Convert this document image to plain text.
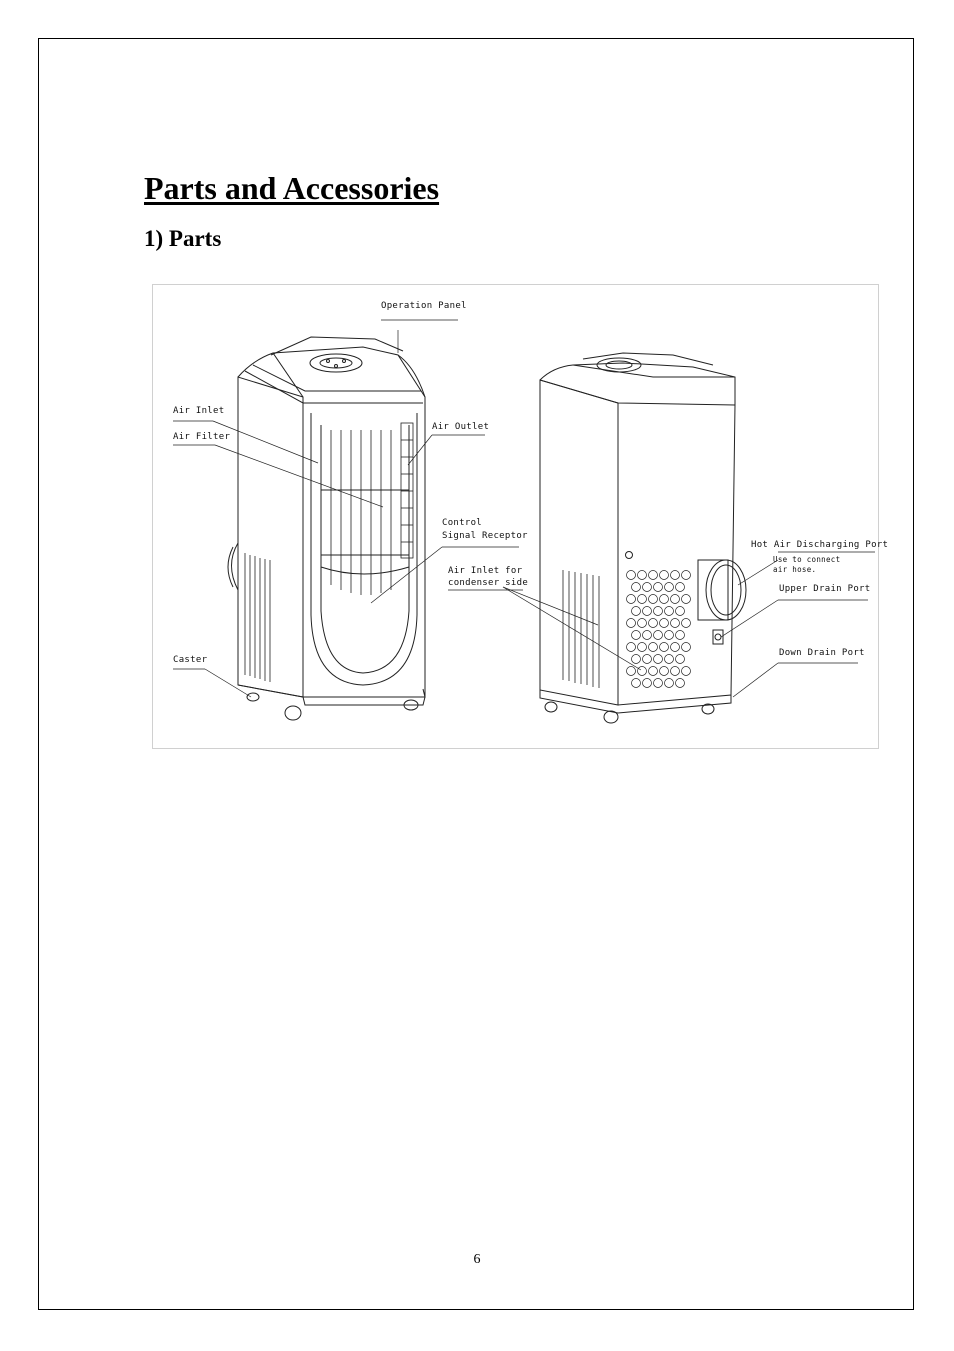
Parts and Accessories
1) Parts
Operation Panel
Air Inlet
Air Filter
Air Outlet
Control
Signal Receptor
Air Inlet for
condenser side
Caster
Hot Air Discharging Port
Use to connect
air hose.
Upper Drain Port
Down Drain Port
6
